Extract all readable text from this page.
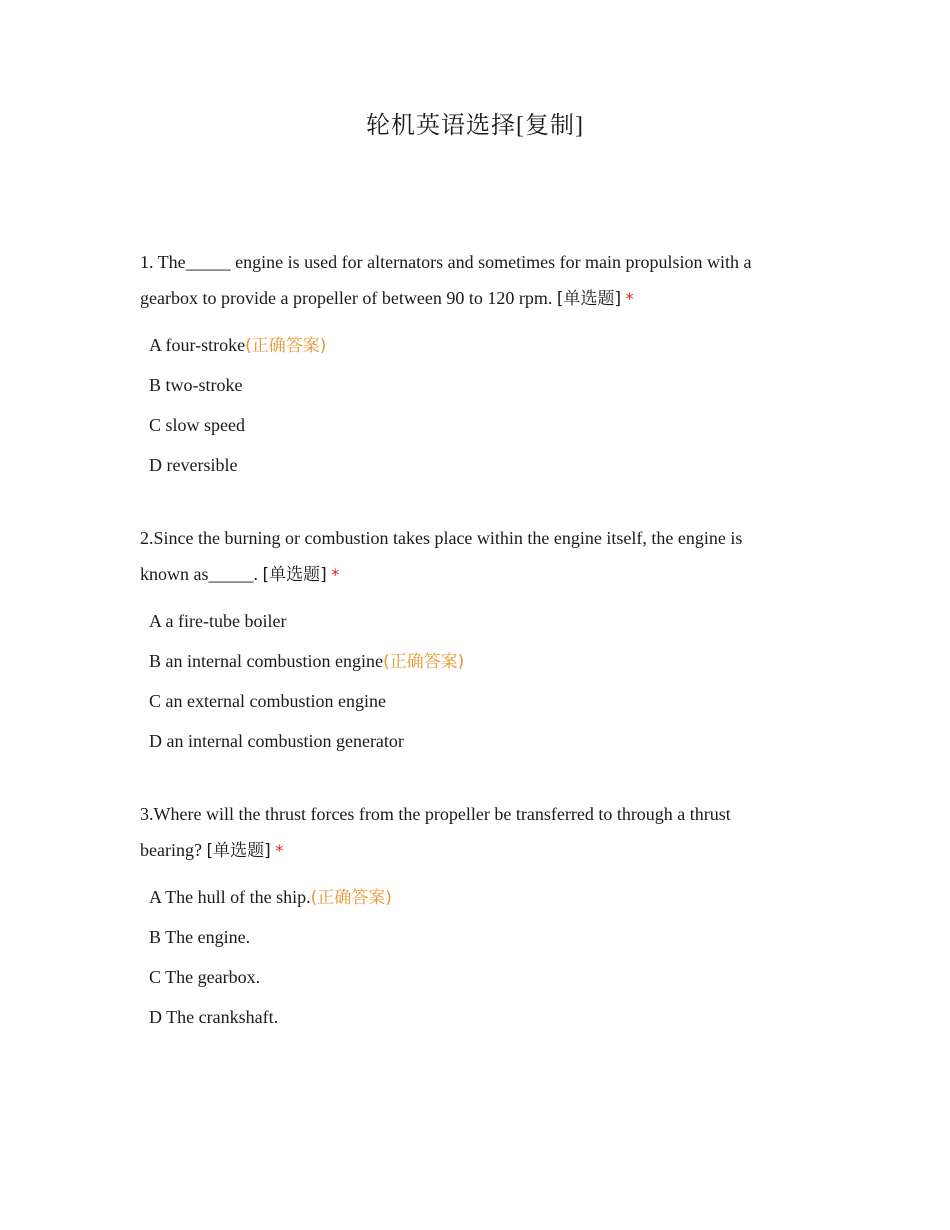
轮机英语选择[复制]

1. The_____ engine is used for alternators and sometimes for main propulsion with a gearbox to provide a propeller of between 90 to 120 rpm. [单选题] *

A four-stroke(正确答案)
B two-stroke
C slow speed
D reversible

2.Since the burning or combustion takes place within the engine itself, the engine is known as_____. [单选题] *

A a fire-tube boiler
B an internal combustion engine(正确答案)
C an external combustion engine
D an internal combustion generator

3.Where will the thrust forces from the propeller be transferred to through a thrust bearing? [单选题] *

A The hull of the ship.(正确答案)
B The engine.
C The gearbox.
D The crankshaft.
